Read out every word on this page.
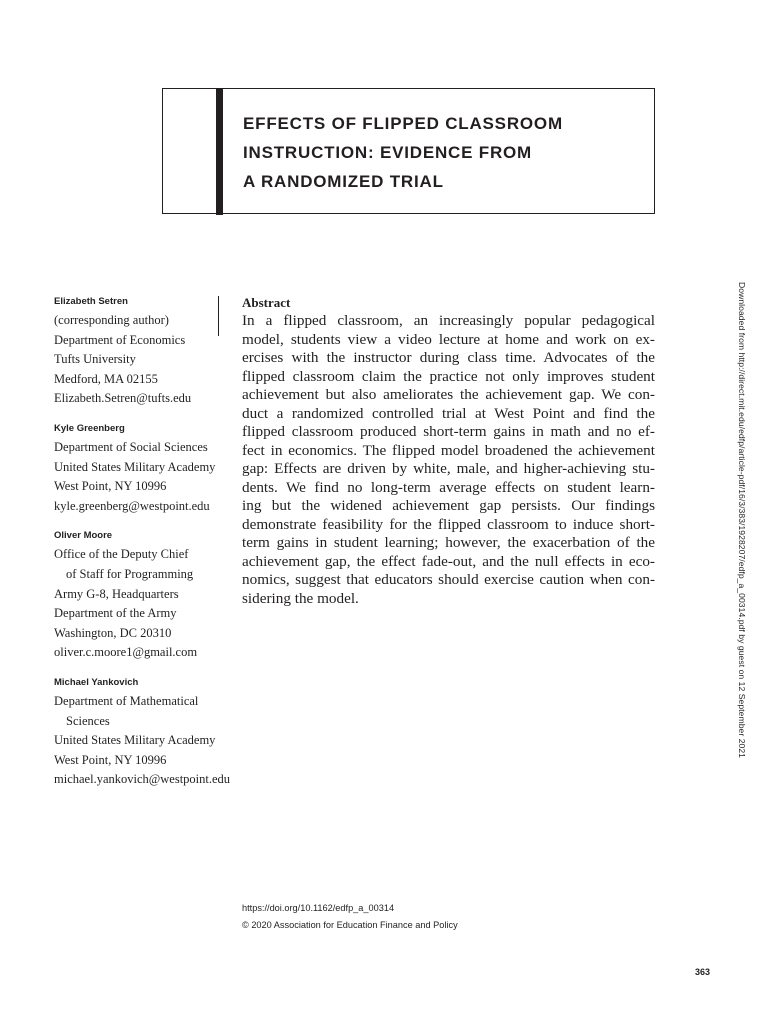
EFFECTS OF FLIPPED CLASSROOM
INSTRUCTION: EVIDENCE FROM
A RANDOMIZED TRIAL
Elizabeth Setren
(corresponding author)
Department of Economics
Tufts University
Medford, MA 02155
Elizabeth.Setren@tufts.edu
Kyle Greenberg
Department of Social Sciences
United States Military Academy
West Point, NY 10996
kyle.greenberg@westpoint.edu
Oliver Moore
Office of the Deputy Chief
of Staff for Programming
Army G-8, Headquarters
Department of the Army
Washington, DC 20310
oliver.c.moore1@gmail.com
Michael Yankovich
Department of Mathematical
Sciences
United States Military Academy
West Point, NY 10996
michael.yankovich@westpoint.edu
Abstract
In a flipped classroom, an increasingly popular pedagogical
model, students view a video lecture at home and work on ex-
ercises with the instructor during class time. Advocates of the
flipped classroom claim the practice not only improves student
achievement but also ameliorates the achievement gap. We con-
duct a randomized controlled trial at West Point and find the
flipped classroom produced short-term gains in math and no ef-
fect in economics. The flipped model broadened the achievement
gap: Effects are driven by white, male, and higher-achieving stu-
dents. We find no long-term average effects on student learn-
ing but the widened achievement gap persists. Our findings
demonstrate feasibility for the flipped classroom to induce short-
term gains in student learning; however, the exacerbation of the
achievement gap, the effect fade-out, and the null effects in eco-
nomics, suggest that educators should exercise caution when con-
sidering the model.
https://doi.org/10.1162/edfp_a_00314
© 2020 Association for Education Finance and Policy
363
Downloaded from http://direct.mit.edu/edfp/article-pdf/16/3/383/1928207/edfp_a_00314.pdf by guest on 12 September 2021
